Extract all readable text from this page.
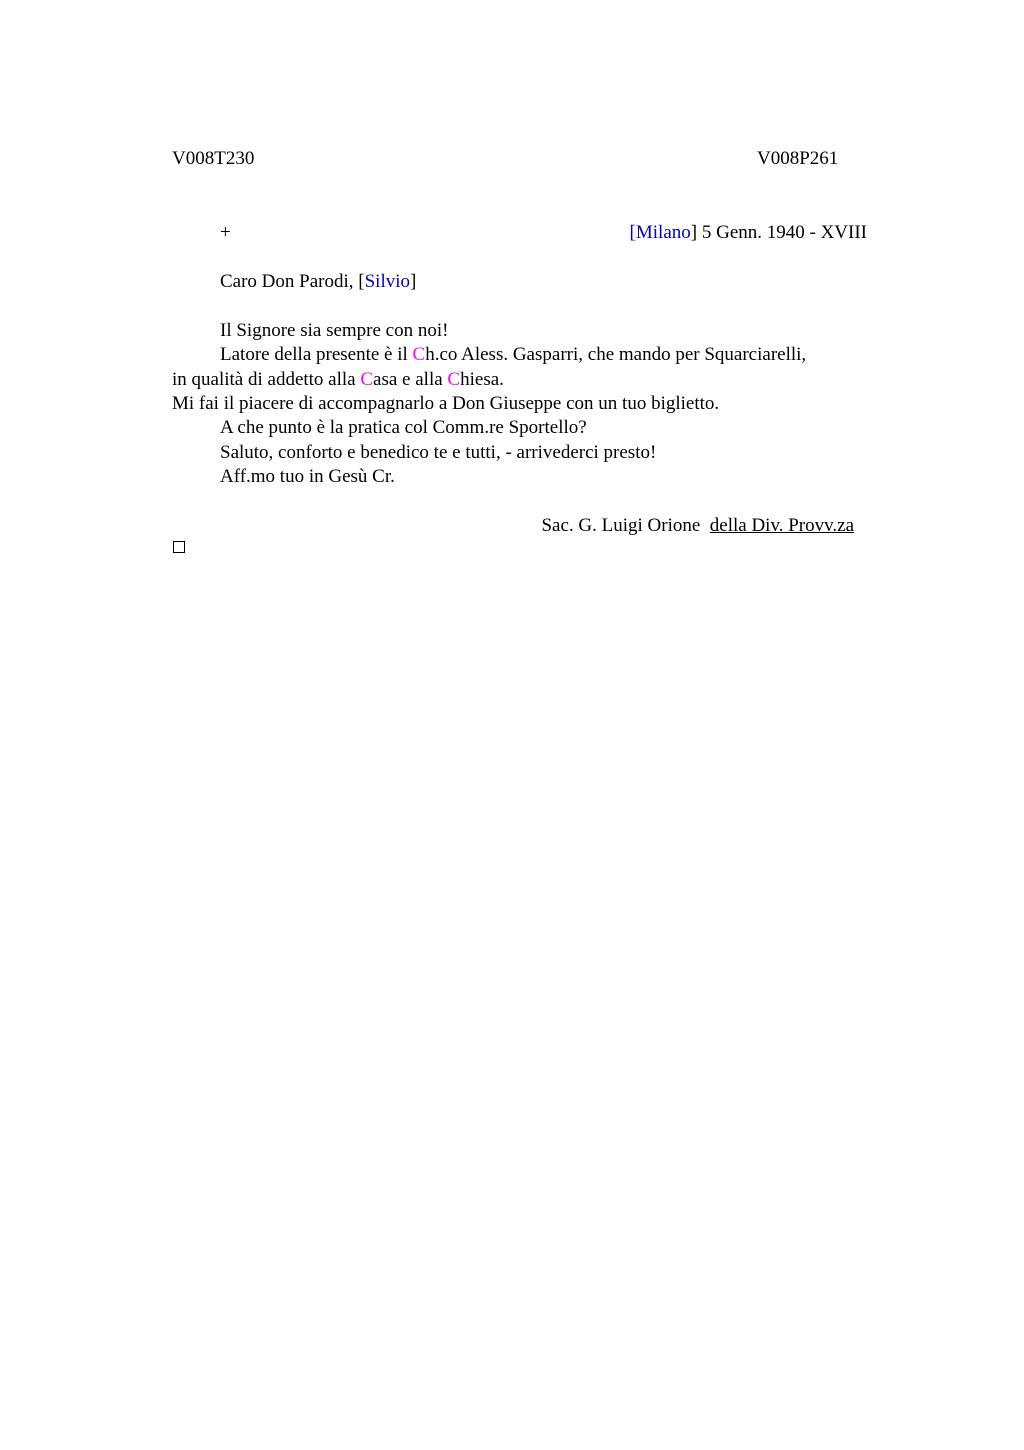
V008T230	V008P261
+	[Milano] 5 Genn. 1940 - XVIII
Caro Don Parodi, [Silvio]
Il Signore sia sempre con noi!
Latore della presente è il Ch.co Aless. Gasparri, che mando per Squarciarelli,
in qualità di addetto alla Casa e alla Chiesa.
Mi fai il piacere di accompagnarlo a Don Giuseppe con un tuo biglietto.
A che punto è la pratica col Comm.re Sportello?
Saluto, conforto e benedico te e tutti, - arrivederci presto!
Aff.mo tuo in Gesù Cr.
Sac. G. Luigi Orione della Div. Provv.za
